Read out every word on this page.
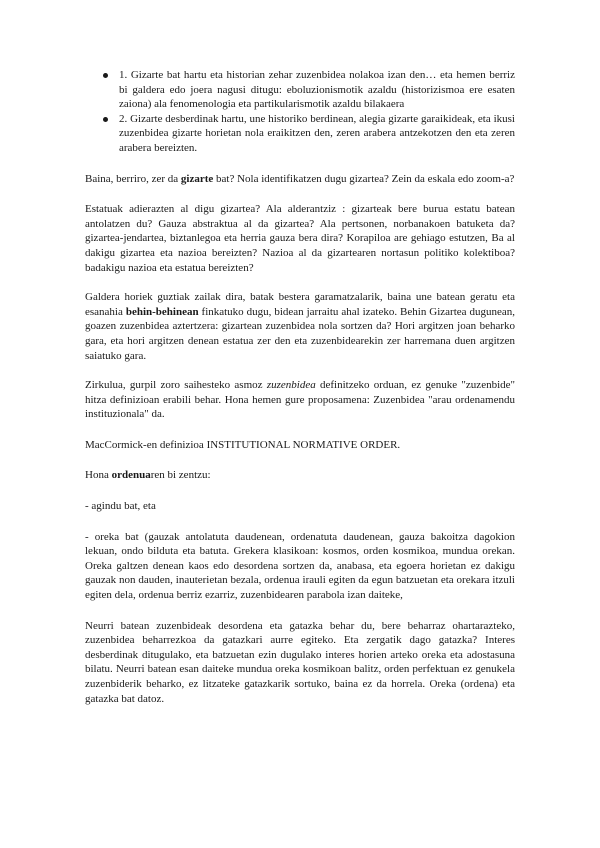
1. Gizarte bat hartu eta historian zehar zuzenbidea nolakoa izan den… eta hemen berriz bi galdera edo joera nagusi ditugu: eboluzionismotik azaldu (historizismoa ere esaten zaiona) ala fenomenologia eta partikularismotik azaldu bilakaera
2. Gizarte desberdinak hartu, une historiko berdinean, alegia gizarte garaikideak, eta ikusi zuzenbidea gizarte horietan nola eraikitzen den, zeren arabera antzekotzen den eta zeren arabera bereizten.

Baina, berriro, zer da gizarte bat? Nola identifikatzen dugu gizartea? Zein da eskala edo zoom-a?

Estatuak adierazten al digu gizartea? Ala alderantziz : gizarteak bere burua estatu batean antolatzen du? Gauza abstraktua al da gizartea? Ala pertsonen, norbanakoen batuketa da? gizartea-jendartea, biztanlegoa eta herria gauza bera dira? Korapiloa are gehiago estutzen, Ba al dakigu gizartea eta nazioa bereizten? Nazioa al da gizartearen nortasun politiko kolektiboa? badakigu nazioa eta estatua bereizten?

Galdera horiek guztiak zailak dira, batak bestera garamatzalarik, baina une batean geratu eta esanahia behin-behinean finkatuko dugu, bidean jarraitu ahal izateko. Behin Gizartea dugunean, goazen zuzenbidea aztertzera: gizartean zuzenbidea nola sortzen da? Hori argitzen joan beharko gara, eta hori argitzen denean estatua zer den eta zuzenbidearekin zer harremana duen argitzen saiatuko gara.

Zirkulua, gurpil zoro saihesteko asmoz zuzenbidea definitzeko orduan, ez genuke "zuzenbide" hitza definizioan erabili behar. Hona hemen gure proposamena: Zuzenbidea "arau ordenamendu instituzionala" da.

MacCormick-en definizioa INSTITUTIONAL NORMATIVE ORDER.

Hona ordenuaren bi zentzu:

- agindu bat, eta

- oreka bat (gauzak antolatuta daudenean, ordenatuta daudenean, gauza bakoitza dagokion lekuan, ondo bilduta eta batuta. Grekera klasikoan: kosmos, orden kosmikoa, mundua orekan. Oreka galtzen denean kaos edo desordena sortzen da, anabasa, eta egoera horietan ez dakigu gauzak non dauden, inauterietan bezala, ordenua irauli egiten da egun batzuetan eta orekara itzuli egiten dela, ordenua berriz ezarriz, zuzenbidearen parabola izan daiteke,

Neurri batean zuzenbideak desordena eta gatazka behar du, bere beharraz ohartarazteko, zuzenbidea beharrezkoa da gatazkari aurre egiteko. Eta zergatik dago gatazka? Interes desberdinak ditugulako, eta batzuetan ezin dugulako interes horien arteko oreka eta adostasuna bilatu. Neurri batean esan daiteke mundua oreka kosmikoan balitz, orden perfektuan ez genukela zuzenbiderik beharko, ez litzateke gatazkarik sortuko, baina ez da horrela. Oreka (ordena) eta gatazka bat datoz.
